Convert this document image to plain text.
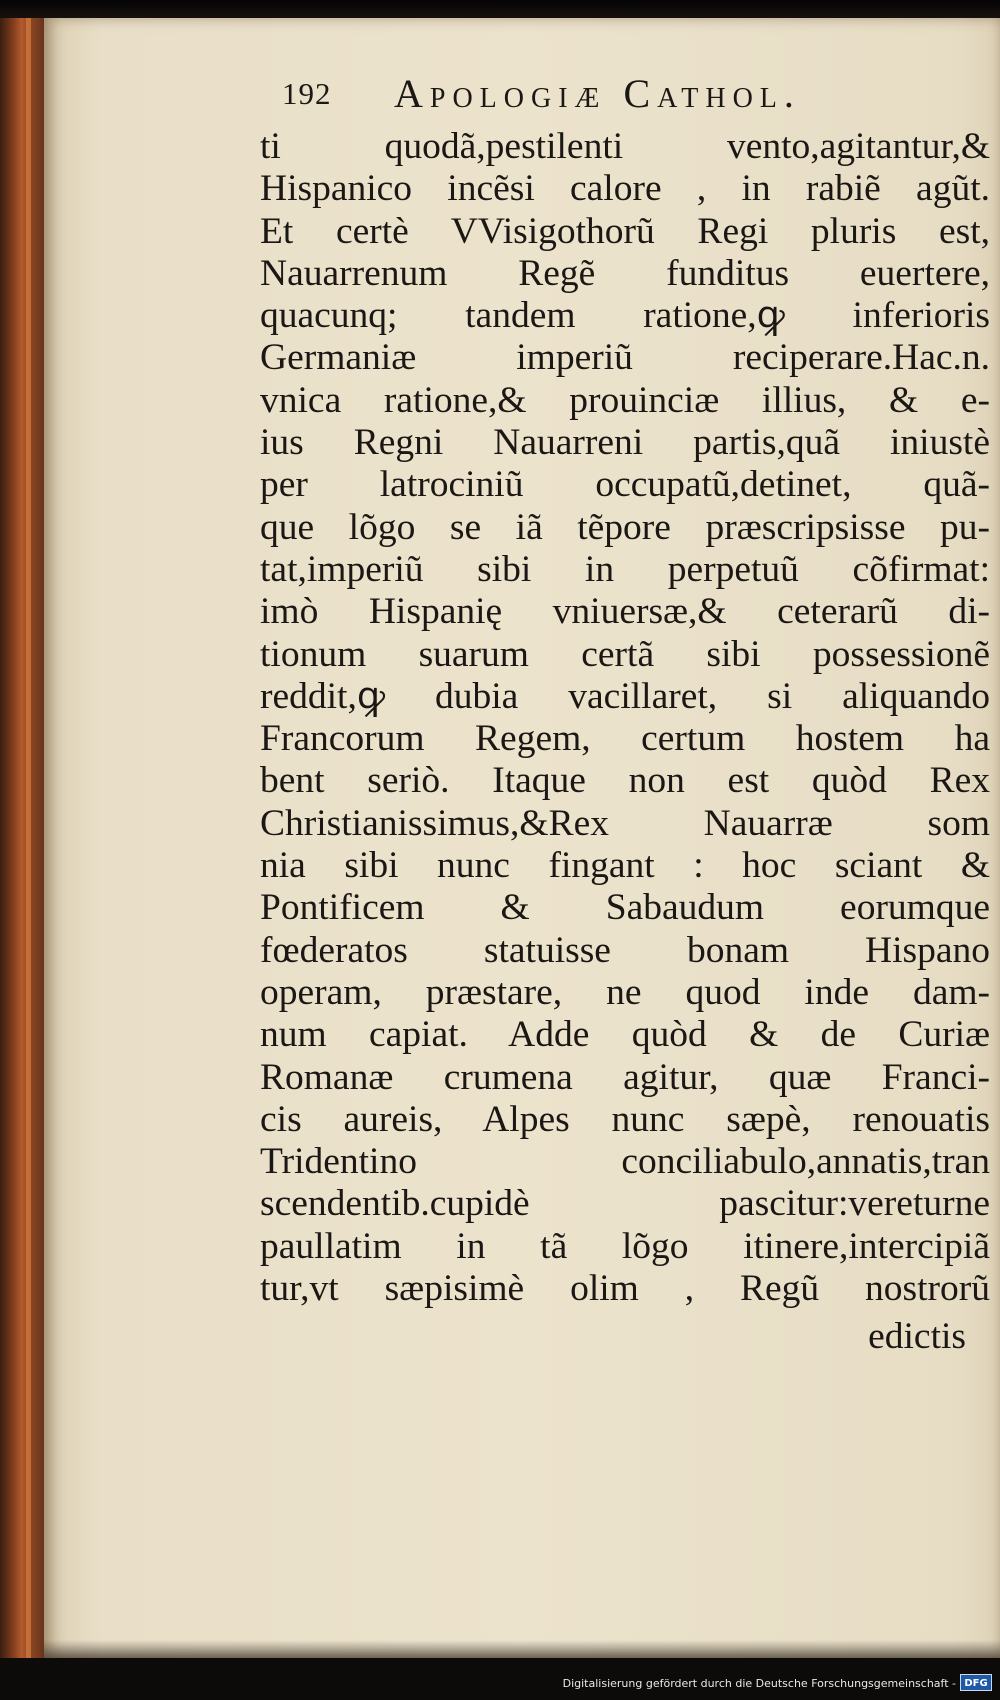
192 Apologiæ Cathol.
ti quodã,pestilenti vento,agitantur,&
Hispanico incẽsi calore , in rabiẽ agũt.
Et certè VVisigothorũ Regi pluris est,
Nauarrenum Regẽ funditus euertere,
quacunq; tandem ratione,ꝙ inferioris
Germaniæ imperiũ reciperare.Hac.n.
vnica ratione,& prouinciæ illius, & e-
ius Regni Nauarreni partis,quã iniustè
per latrociniũ occupatũ,detinet, quã-
que lõgo se iã tẽpore præscripsisse pu-
tat,imperiũ sibi in perpetuũ cõfirmat:
imò Hispanię vniuersæ,& ceterarũ di-
tionum suarum certã sibi possessionẽ
reddit,ꝙ dubia vacillaret, si aliquando
Francorum Regem, certum hostem ha
bent seriò. Itaque non est quòd Rex
Christianissimus,&Rex Nauarræ som
nia sibi nunc fingant : hoc sciant &
Pontificem & Sabaudum eorumque
fœderatos statuisse bonam Hispano
operam, præstare, ne quod inde dam-
num capiat. Adde quòd & de Curiæ
Romanæ crumena agitur, quæ Franci-
cis aureis, Alpes nunc sæpè, renouatis
Tridentino conciliabulo,annatis,tran
scendentib.cupidè pascitur:vereturne
paullatim in tã lõgo itinere,intercipiã
tur,vt sæpisimè olim , Regũ nostrorũ
edictis
Digitalisierung gefördert durch die Deutsche Forschungsgemeinschaft - DFG
